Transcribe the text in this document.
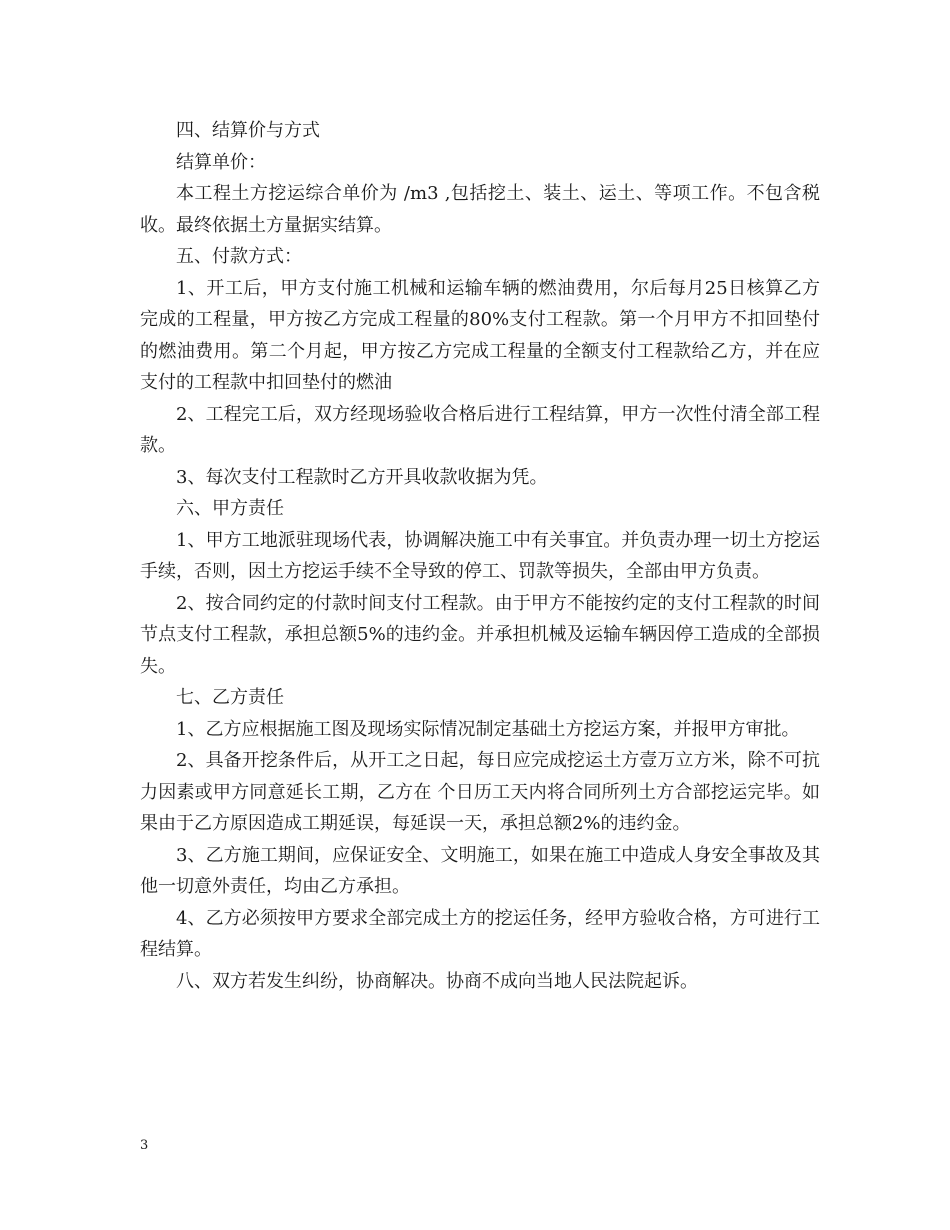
四、结算价与方式

结算单价：

本工程土方挖运综合单价为 /m3 ,包括挖土、装土、运土、等项工作。不包含税收。最终依据土方量据实结算。

五、付款方式：

1、开工后，甲方支付施工机械和运输车辆的燃油费用，尔后每月25日核算乙方完成的工程量，甲方按乙方完成工程量的80%支付工程款。第一个月甲方不扣回垫付的燃油费用。第二个月起，甲方按乙方完成工程量的全额支付工程款给乙方，并在应支付的工程款中扣回垫付的燃油

2、工程完工后，双方经现场验收合格后进行工程结算，甲方一次性付清全部工程款。

3、每次支付工程款时乙方开具收款收据为凭。

六、甲方责任

1、甲方工地派驻现场代表，协调解决施工中有关事宜。并负责办理一切土方挖运手续，否则，因土方挖运手续不全导致的停工、罚款等损失，全部由甲方负责。

2、按合同约定的付款时间支付工程款。由于甲方不能按约定的支付工程款的时间节点支付工程款，承担总额5%的违约金。并承担机械及运输车辆因停工造成的全部损失。

七、乙方责任

1、乙方应根据施工图及现场实际情况制定基础土方挖运方案，并报甲方审批。

2、具备开挖条件后，从开工之日起，每日应完成挖运土方壹万立方米，除不可抗力因素或甲方同意延长工期，乙方在 个日历工天内将合同所列土方合部挖运完毕。如果由于乙方原因造成工期延误，每延误一天，承担总额2%的违约金。

3、乙方施工期间，应保证安全、文明施工，如果在施工中造成人身安全事故及其他一切意外责任，均由乙方承担。

4、乙方必须按甲方要求全部完成土方的挖运任务，经甲方验收合格，方可进行工程结算。

八、双方若发生纠纷，协商解决。协商不成向当地人民法院起诉。

3
